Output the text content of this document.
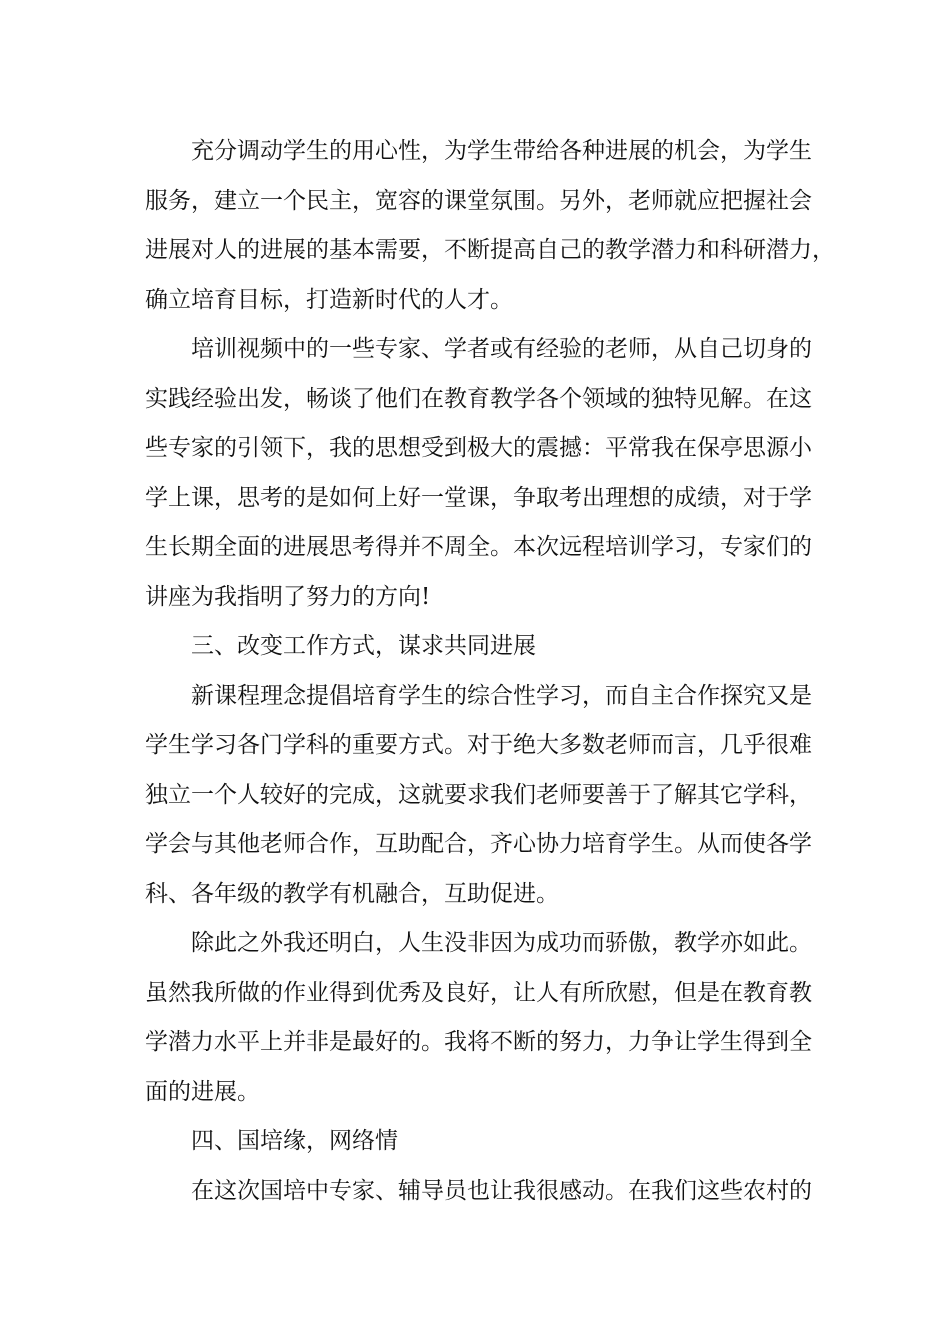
充分调动学生的用心性，为学生带给各种进展的机会，为学生
服务，建立一个民主，宽容的课堂氛围。另外，老师就应把握社会
进展对人的进展的基本需要，不断提高自己的教学潜力和科研潜力，
确立培育目标，打造新时代的人才。
培训视频中的一些专家、学者或有经验的老师，从自己切身的
实践经验出发，畅谈了他们在教育教学各个领域的独特见解。在这
些专家的引领下，我的思想受到极大的震撼：平常我在保亭思源小
学上课，思考的是如何上好一堂课，争取考出理想的成绩，对于学
生长期全面的进展思考得并不周全。本次远程培训学习，专家们的
讲座为我指明了努力的方向!
三、改变工作方式，谋求共同进展
新课程理念提倡培育学生的综合性学习，而自主合作探究又是
学生学习各门学科的重要方式。对于绝大多数老师而言，几乎很难
独立一个人较好的完成，这就要求我们老师要善于了解其它学科，
学会与其他老师合作，互助配合，齐心协力培育学生。从而使各学
科、各年级的教学有机融合，互助促进。
除此之外我还明白，人生没非因为成功而骄傲，教学亦如此。
虽然我所做的作业得到优秀及良好，让人有所欣慰，但是在教育教
学潜力水平上并非是最好的。我将不断的努力，力争让学生得到全
面的进展。
四、国培缘，网络情
在这次国培中专家、辅导员也让我很感动。在我们这些农村的
